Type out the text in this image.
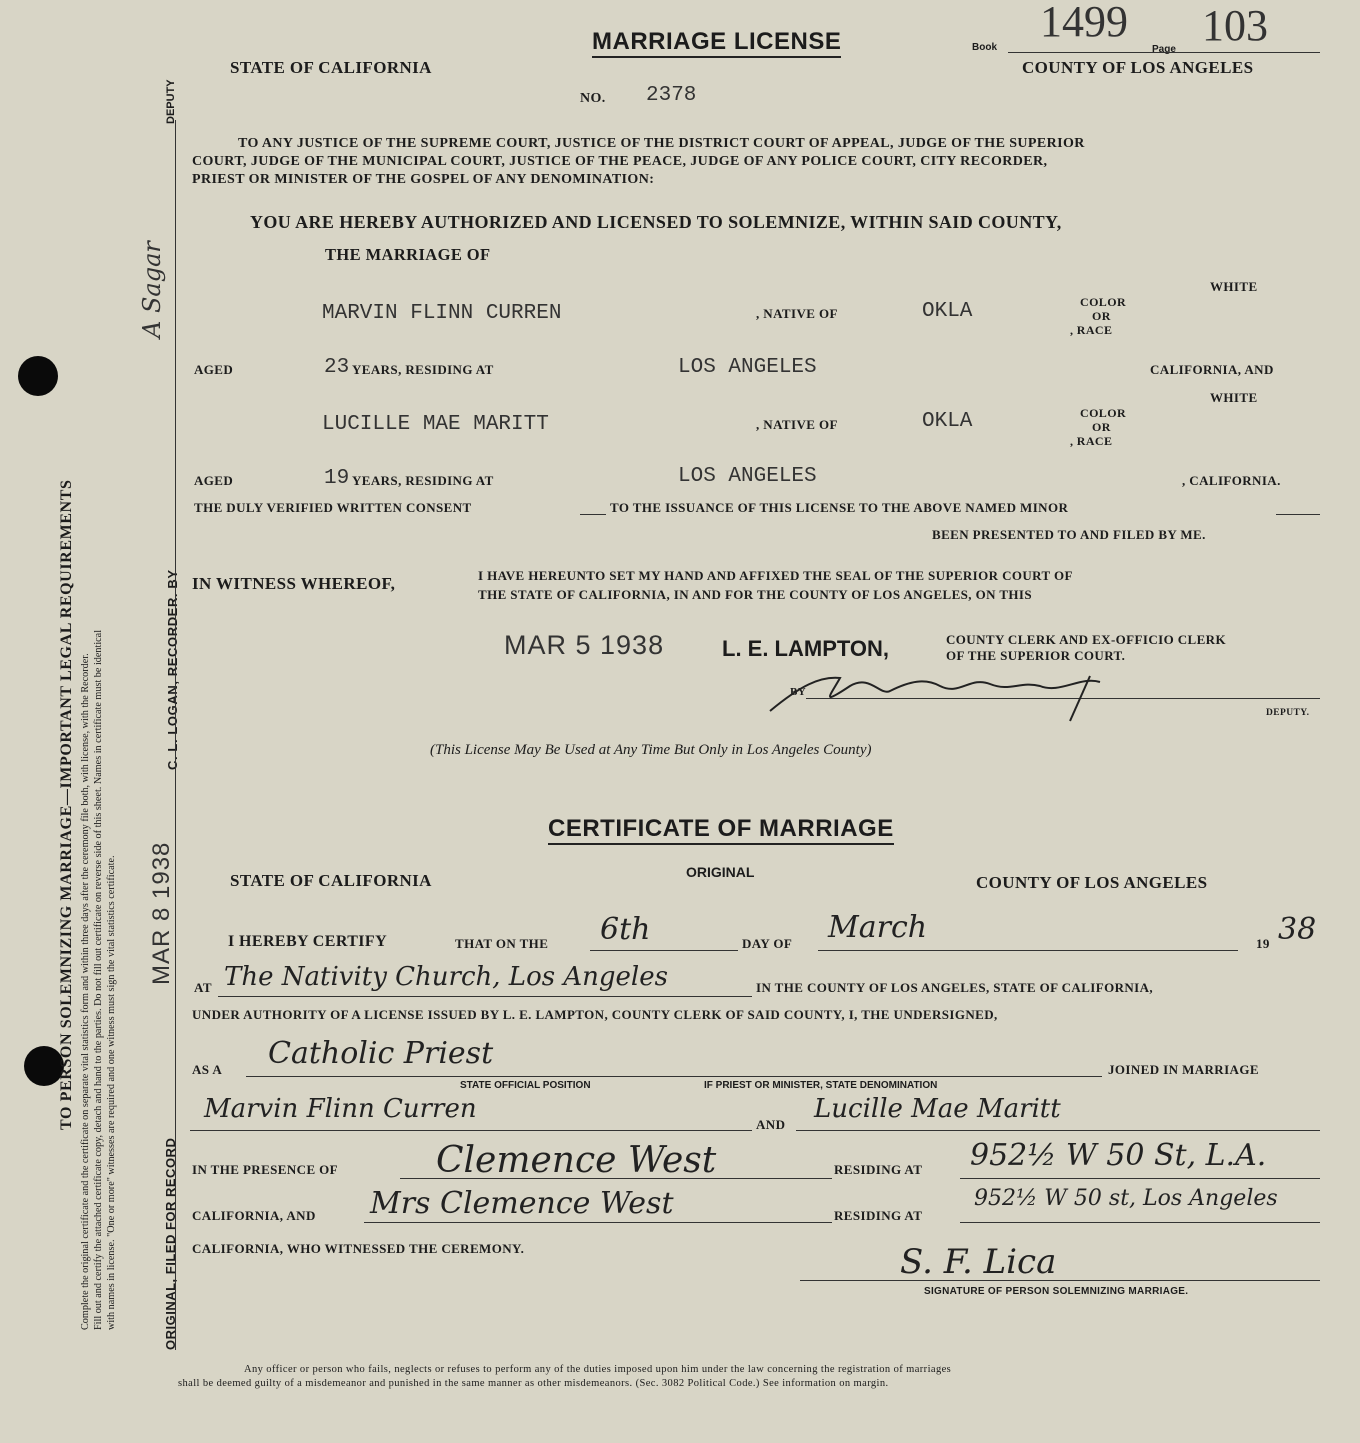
TO PERSON SOLEMNIZING MARRIAGE—IMPORTANT LEGAL REQUIREMENTS Complete the original certificate and the certificate on separate vital statistics form and within three days after the ceremony file both, with license, with the Recorder. Fill out and certify the attached certificate copy, detach and hand to the parties. Do not fill out certificate on reverse side of this sheet. Names in certificate must be identical with names in license. "One or more" witnesses are required and one witness must sign the vital statistics certificate.	ORIGINAL, FILED FOR RECORD
MAR 8 1938
C. L. LOGAN, RECORDER. BY
A Sagar
DEPUTY
Book
1499
Page 103
MARRIAGE LICENSE
STATE OF CALIFORNIA	COUNTY OF LOS ANGELES
NO. 2378
TO ANY JUSTICE OF THE SUPREME COURT, JUSTICE OF THE DISTRICT COURT OF APPEAL, JUDGE OF THE SUPERIOR
COURT, JUDGE OF THE MUNICIPAL COURT, JUSTICE OF THE PEACE, JUDGE OF ANY POLICE COURT, CITY RECORDER,
PRIEST OR MINISTER OF THE GOSPEL OF ANY DENOMINATION:
YOU ARE HEREBY AUTHORIZED AND LICENSED TO SOLEMNIZE, WITHIN SAID COUNTY,
THE MARRIAGE OF
WHITE
MARVIN FLINN CURREN	, NATIVE OF	OKLA	COLOR
OR
, RACE
AGED	23 YEARS, RESIDING AT	LOS ANGELES	CALIFORNIA, AND
WHITE
LUCILLE MAE MARITT	, NATIVE OF	OKLA	COLOR
OR
, RACE
AGED	19 YEARS, RESIDING AT	LOS ANGELES	, CALIFORNIA.
THE DULY VERIFIED WRITTEN CONSENT	TO THE ISSUANCE OF THIS LICENSE TO THE ABOVE NAMED MINOR
BEEN PRESENTED TO AND FILED BY ME.
IN WITNESS WHEREOF,	I HAVE HEREUNTO SET MY HAND AND AFFIXED THE SEAL OF THE SUPERIOR COURT OF
THE STATE OF CALIFORNIA, IN AND FOR THE COUNTY OF LOS ANGELES, ON THIS
MAR 5 1938	L. E. LAMPTON,	COUNTY CLERK AND EX-OFFICIO CLERK
OF THE SUPERIOR COURT.
BY
DEPUTY.
(This License May Be Used at Any Time But Only in Los Angeles County)
CERTIFICATE OF MARRIAGE
STATE OF CALIFORNIA	ORIGINAL
COUNTY OF LOS ANGELES
I HEREBY CERTIFY	THAT ON THE 6th	DAY OF March	19 38
AT The Nativity Church, Los Angeles	IN THE COUNTY OF LOS ANGELES, STATE OF CALIFORNIA,
UNDER AUTHORITY OF A LICENSE ISSUED BY L. E. LAMPTON, COUNTY CLERK OF SAID COUNTY, I, THE UNDERSIGNED,
AS A Catholic Priest	JOINED IN MARRIAGE
STATE OFFICIAL POSITION	IF PRIEST OR MINISTER, STATE DENOMINATION
Marvin Flinn Curren
AND
Lucille Mae Maritt
IN THE PRESENCE OF	Clemence West	RESIDING AT 952½ W 50 St, L.A.
CALIFORNIA, AND Mrs Clemence West	RESIDING AT
952½ W 50 st, Los Angeles
CALIFORNIA, WHO WITNESSED THE CEREMONY.	S. F. Lica
SIGNATURE OF PERSON SOLEMNIZING MARRIAGE.
Any officer or person who fails, neglects or refuses to perform any of the duties imposed upon him under the law concerning the registration of marriages
shall be deemed guilty of a misdemeanor and punished in the same manner as other misdemeanors. (Sec. 3082 Political Code.) See information on margin.
